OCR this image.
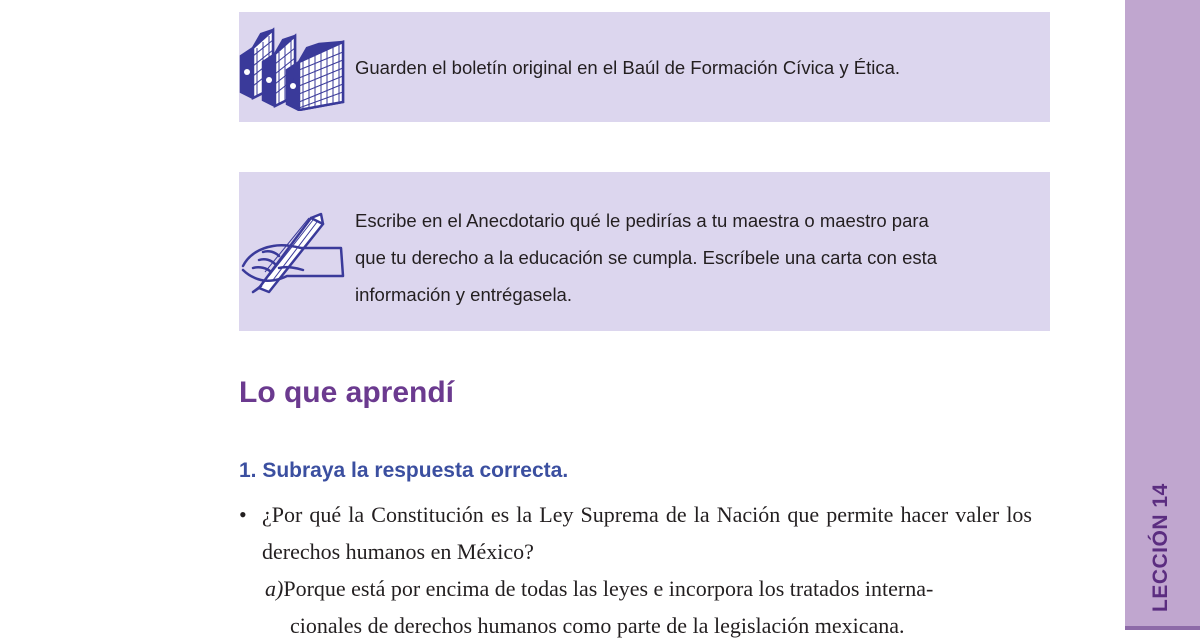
Guarden el boletín original en el Baúl de Formación Cívica y Ética.
Escribe en el Anecdotario qué le pedirías a tu maestra o maestro para
que tu derecho a la educación se cumpla. Escríbele una carta con esta
información y entrégasela.
Lo que aprendí
1. Subraya la respuesta correcta.
• ¿Por qué la Constitución es la Ley Suprema de la Nación que permite hacer valer los derechos humanos en México?
a)Porque está por encima de todas las leyes e incorpora los tratados interna-
cionales de derechos humanos como parte de la legislación mexicana.
LECCIÓN 14
